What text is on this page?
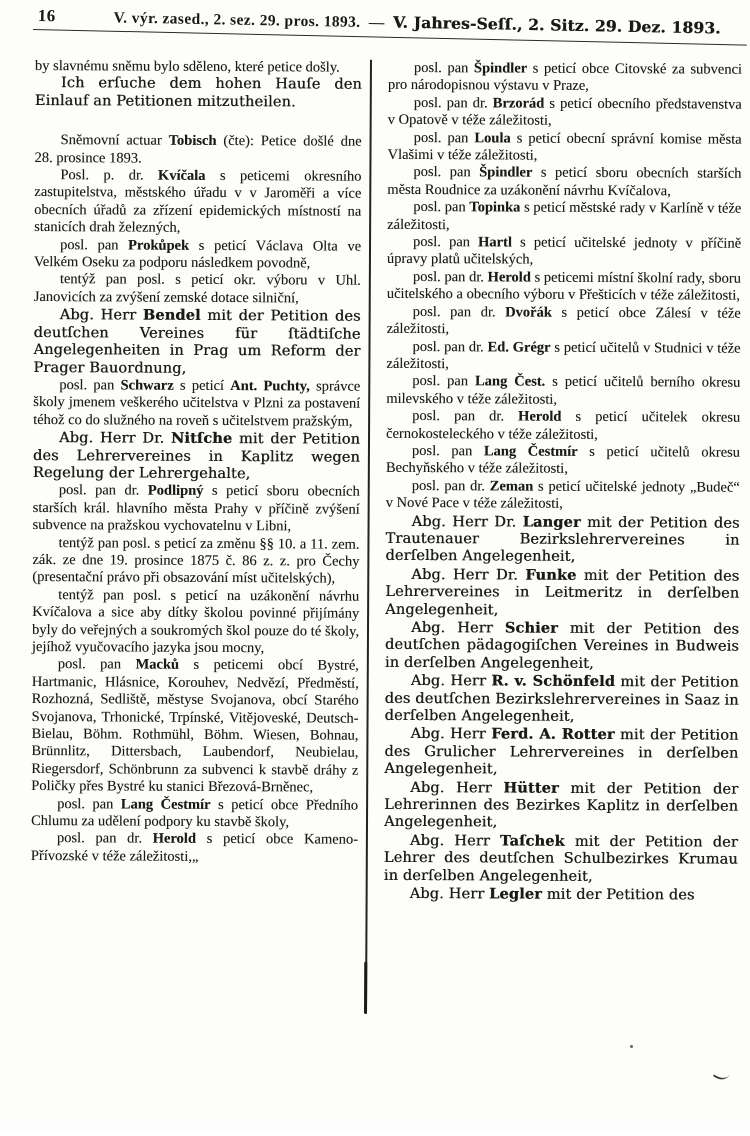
16	V. výr. zased., 2. sez. 29. pros. 1893. — V. Jahres-Seſſ., 2. Sitz. 29. Dez. 1893.

by slavnému sněmu bylo sděleno, které petice došly.

Ich erſuche dem hohen Hauſe den Einlauf an Petitionen mitzutheilen.

Sněmovní actuar Tobisch (čte): Petice došlé dne 28. prosince 1893.

Posl. p. dr. Kvíčala s peticemi okresního zastupitelstva, městského úřadu v v Jaroměři a více obecních úřadů za zřízení epidemických místností na stanicích drah železných,

posl. pan Prokůpek s peticí Václava Olta ve Velkém Oseku za podporu následkem povodně,

tentýž pan posl. s peticí okr. výboru v Uhl. Janovicích za zvýšení zemské dotace silniční,

Abg. Herr Bendel mit der Petition des deutſchen Vereines für ſtädtiſche Angelegenheiten in Prag um Reform der Prager Bauordnung,

posl. pan Schwarz s peticí Ant. Puchty, správce školy jmenem veškerého učitelstva v Plzni za postavení téhož co do služného na roveň s učitelstvem pražským,

Abg. Herr Dr. Nitſche mit der Petition des Lehrervereines in Kaplitz wegen Regelung der Lehrergehalte,

posl. pan dr. Podlipný s peticí sboru obecních starších král. hlavního města Prahy v příčině zvýšení subvence na pražskou vychovatelnu v Libni,

tentýž pan posl. s peticí za změnu §§ 10. a 11. zem. zák. ze dne 19. prosince 1875 č. 86 z. z. pro Čechy (presentační právo při obsazování míst učitelských),

tentýž pan posl. s peticí na uzákonění návrhu Kvíčalova a sice aby dítky školou povinné přijímány byly do veřejných a soukromých škol pouze do té školy, jejíhož vyučovacího jazyka jsou mocny,

posl. pan Macků s peticemi obcí Bystré, Hartmanic, Hlásnice, Korouhev, Nedvězí, Předměstí, Rozhozná, Sedliště, městyse Svojanova, obcí Starého Svojanova, Trhonické, Trpínské, Vitějoveské, Deutsch-Bielau, Böhm. Rothmühl, Böhm. Wiesen, Bohnau, Brünnlitz, Dittersbach, Laubendorf, Neubielau, Riegersdorf, Schönbrunn za subvenci k stavbě dráhy z Poličky přes Bystré ku stanici Březová-Brněnec,

posl. pan Lang Čestmír s peticí obce Předního Chlumu za udělení podpory ku stavbě školy,

posl. pan dr. Herold s peticí obce Kameno-Přívozské v téže záležitosti,„

posl. pan Špindler s peticí obce Citovské za subvenci pro národopisnou výstavu v Praze,

posl. pan dr. Brzorád s peticí obecního představenstva v Opatově v téže záležitosti,

posl. pan Loula s peticí obecní správní komise města Vlašimi v téže záležitosti,

posl. pan Špindler s peticí sboru obecních starších města Roudnice za uzákonění návrhu Kvíčalova,

posl. pan Topinka s peticí městské rady v Karlíně v téže záležitosti,

posl. pan Hartl s peticí učitelské jednoty v příčině úpravy platů učitelských,

posl. pan dr. Herold s peticemi místní školní rady, sboru učitelského a obecního výboru v Přešticích v téže záležitosti,

posl. pan dr. Dvořák s peticí obce Zálesí v téže záležitosti,

posl. pan dr. Ed. Grégr s peticí učitelů v Studnici v téže záležitosti,

posl. pan Lang Čest. s peticí učitelů berního okresu milevského v téže záležitosti,

posl. pan dr. Herold s peticí učitelek okresu černokosteleckého v téže záležitosti,

posl. pan Lang Čestmír s peticí učitelů okresu Bechyňského v téže záležitosti,

posl. pan dr. Zeman s peticí učitelské jednoty „Budeč“ v Nové Pace v téže záležitosti,

Abg. Herr Dr. Langer mit der Petition des Trautenauer Bezirkslehrervereines in derſelben Angelegenheit,

Abg. Herr Dr. Funke mit der Petition des Lehrervereines in Leitmeritz in derſelben Angelegenheit,

Abg. Herr Schier mit der Petition des deutſchen pädagogiſchen Vereines in Budweis in derſelben Angelegenheit,

Abg. Herr R. v. Schönfeld mit der Petition des deutſchen Bezirkslehrervereines in Saaz in derſelben Angelegenheit,

Abg. Herr Ferd. A. Rotter mit der Petition des Grulicher Lehrervereines in derſelben Angelegenheit,

Abg. Herr Hütter mit der Petition der Lehrerinnen des Bezirkes Kaplitz in derſelben Angelegenheit,

Abg. Herr Taſchek mit der Petition der Lehrer des deutſchen Schulbezirkes Krumau in derſelben Angelegenheit,

Abg. Herr Legler mit der Petition des
